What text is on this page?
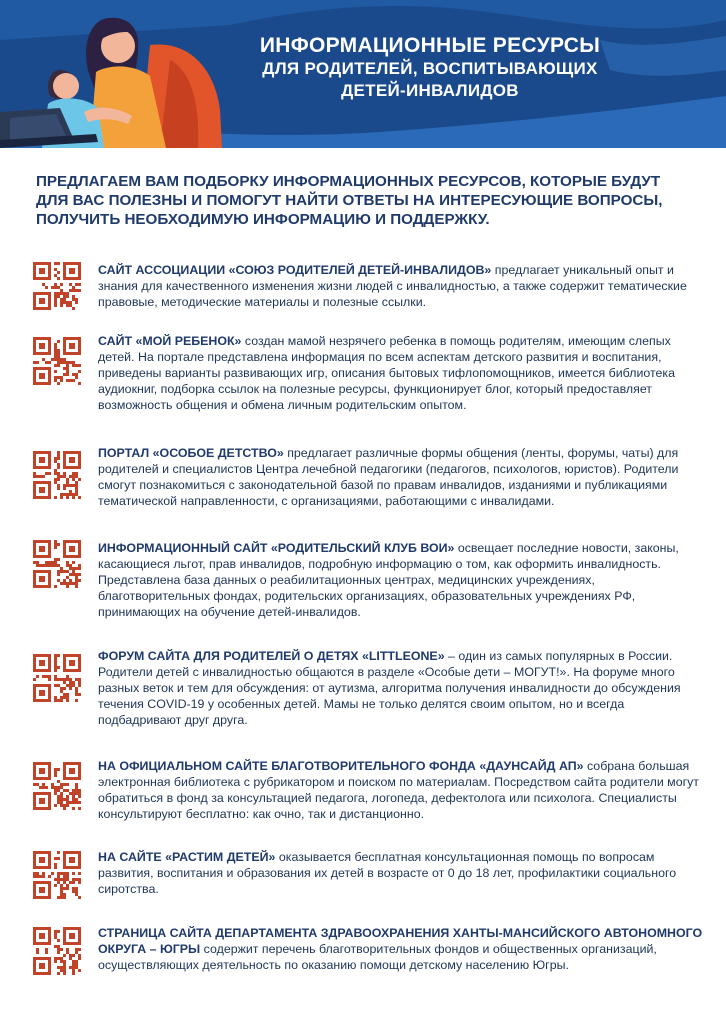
ИНФОРМАЦИОННЫЕ РЕСУРСЫ
ДЛЯ РОДИТЕЛЕЙ, ВОСПИТЫВАЮЩИХ
ДЕТЕЙ-ИНВАЛИДОВ
ПРЕДЛАГАЕМ ВАМ ПОДБОРКУ ИНФОРМАЦИОННЫХ РЕСУРСОВ, КОТОРЫЕ БУДУТ ДЛЯ ВАС ПОЛЕЗНЫ И ПОМОГУТ НАЙТИ ОТВЕТЫ НА ИНТЕРЕСУЮЩИЕ ВОПРОСЫ, ПОЛУЧИТЬ НЕОБХОДИМУЮ ИНФОРМАЦИЮ И ПОДДЕРЖКУ.
САЙТ АССОЦИАЦИИ «СОЮЗ РОДИТЕЛЕЙ ДЕТЕЙ-ИНВАЛИДОВ» предлагает уникальный опыт и знания для качественного изменения жизни людей с инвалидностью, а также содержит тематические правовые, методические материалы и полезные ссылки.
САЙТ «МОЙ РЕБЕНОК» создан мамой незрячего ребенка в помощь родителям, имеющим слепых детей. На портале представлена информация по всем аспектам детского развития и воспитания, приведены варианты развивающих игр, описания бытовых тифлопомощников, имеется библиотека аудиокниг, подборка ссылок на полезные ресурсы, функционирует блог, который предоставляет возможность общения и обмена личным родительским опытом.
ПОРТАЛ «ОСОБОЕ ДЕТСТВО» предлагает различные формы общения (ленты, форумы, чаты) для родителей и специалистов Центра лечебной педагогики (педагогов, психологов, юристов). Родители смогут познакомиться с законодательной базой по правам инвалидов, изданиями и публикациями тематической направленности, с организациями, работающими с инвалидами.
ИНФОРМАЦИОННЫЙ САЙТ «РОДИТЕЛЬСКИЙ КЛУБ ВОИ» освещает последние новости, законы, касающиеся льгот, прав инвалидов, подробную информацию о том, как оформить инвалидность. Представлена база данных о реабилитационных центрах, медицинских учреждениях, благотворительных фондах, родительских организациях, образовательных учреждениях РФ, принимающих на обучение детей-инвалидов.
ФОРУМ САЙТА ДЛЯ РОДИТЕЛЕЙ О ДЕТЯХ «LITTLEONE» – один из самых популярных в России. Родители детей с инвалидностью общаются в разделе «Особые дети – МОГУТ!». На форуме много разных веток и тем для обсуждения: от аутизма, алгоритма получения инвалидности до обсуждения течения COVID-19 у особенных детей. Мамы не только делятся своим опытом, но и всегда подбадривают друг друга.
НА ОФИЦИАЛЬНОМ САЙТЕ БЛАГОТВОРИТЕЛЬНОГО ФОНДА «ДАУНСАЙД АП» собрана большая электронная библиотека с рубрикатором и поиском по материалам. Посредством сайта родители могут обратиться в фонд за консультацией педагога, логопеда, дефектолога или психолога. Специалисты консультируют бесплатно: как очно, так и дистанционно.
НА САЙТЕ «РАСТИМ ДЕТЕЙ» оказывается бесплатная консультационная помощь по вопросам развития, воспитания и образования их детей в возрасте от 0 до 18 лет, профилактики социального сиротства.
СТРАНИЦА САЙТА ДЕПАРТАМЕНТА ЗДРАВООХРАНЕНИЯ ХАНТЫ-МАНСИЙСКОГО АВТОНОМНОГО ОКРУГА – ЮГРЫ содержит перечень благотворительных фондов и общественных организаций, осуществляющих деятельность по оказанию помощи детскому населению Югры.
